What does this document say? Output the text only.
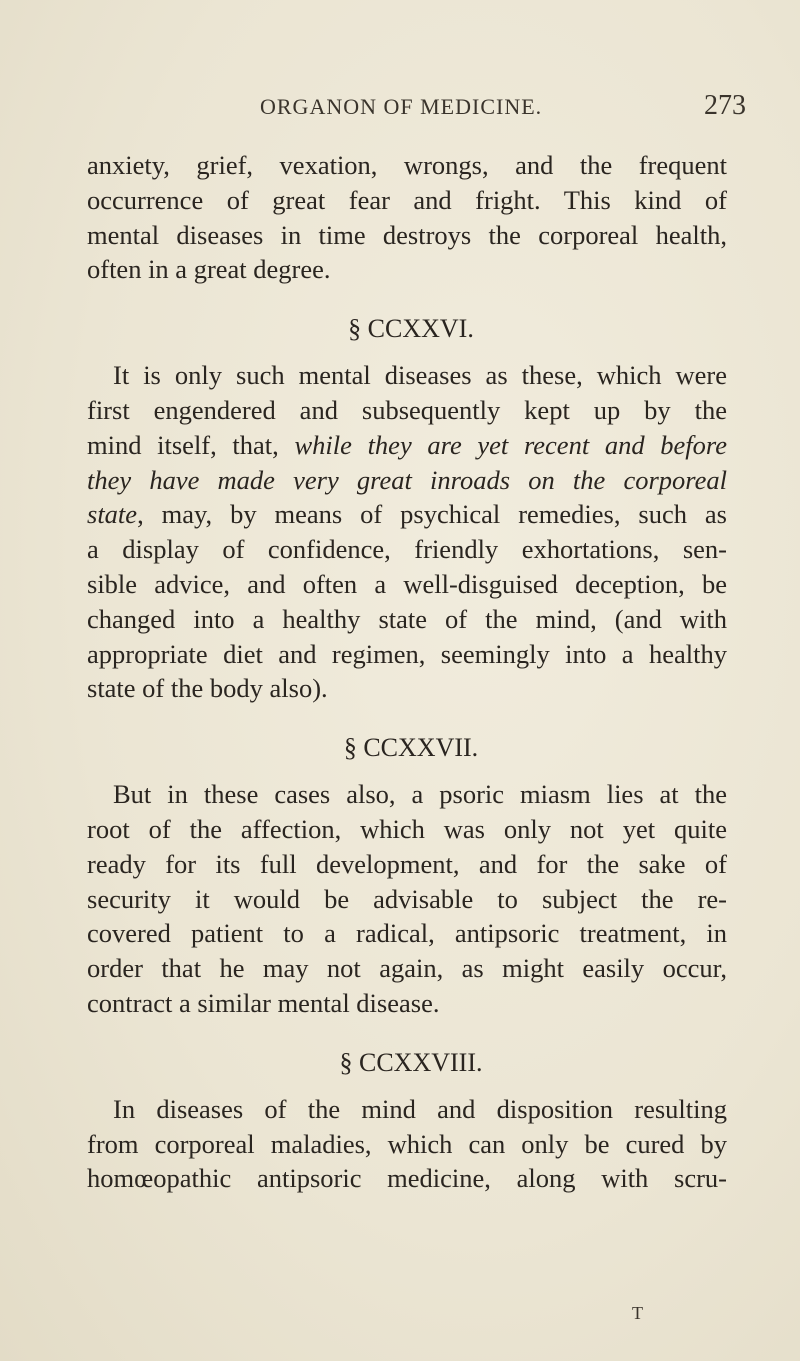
ORGANON OF MEDICINE.	273
anxiety, grief, vexation, wrongs, and the frequent
occurrence of great fear and fright. This kind of
mental diseases in time destroys the corporeal health,
often in a great degree.
§ CCXXVI.
It is only such mental diseases as these, which were
first engendered and subsequently kept up by the
mind itself, that, while they are yet recent and before
they have made very great inroads on the corporeal
state, may, by means of psychical remedies, such as
a display of confidence, friendly exhortations, sen-
sible advice, and often a well-disguised deception, be
changed into a healthy state of the mind, (and with
appropriate diet and regimen, seemingly into a healthy
state of the body also).
§ CCXXVII.
But in these cases also, a psoric miasm lies at the
root of the affection, which was only not yet quite
ready for its full development, and for the sake of
security it would be advisable to subject the re-
covered patient to a radical, antipsoric treatment, in
order that he may not again, as might easily occur,
contract a similar mental disease.
§ CCXXVIII.
In diseases of the mind and disposition resulting
from corporeal maladies, which can only be cured by
homœopathic antipsoric medicine, along with scru-
T
